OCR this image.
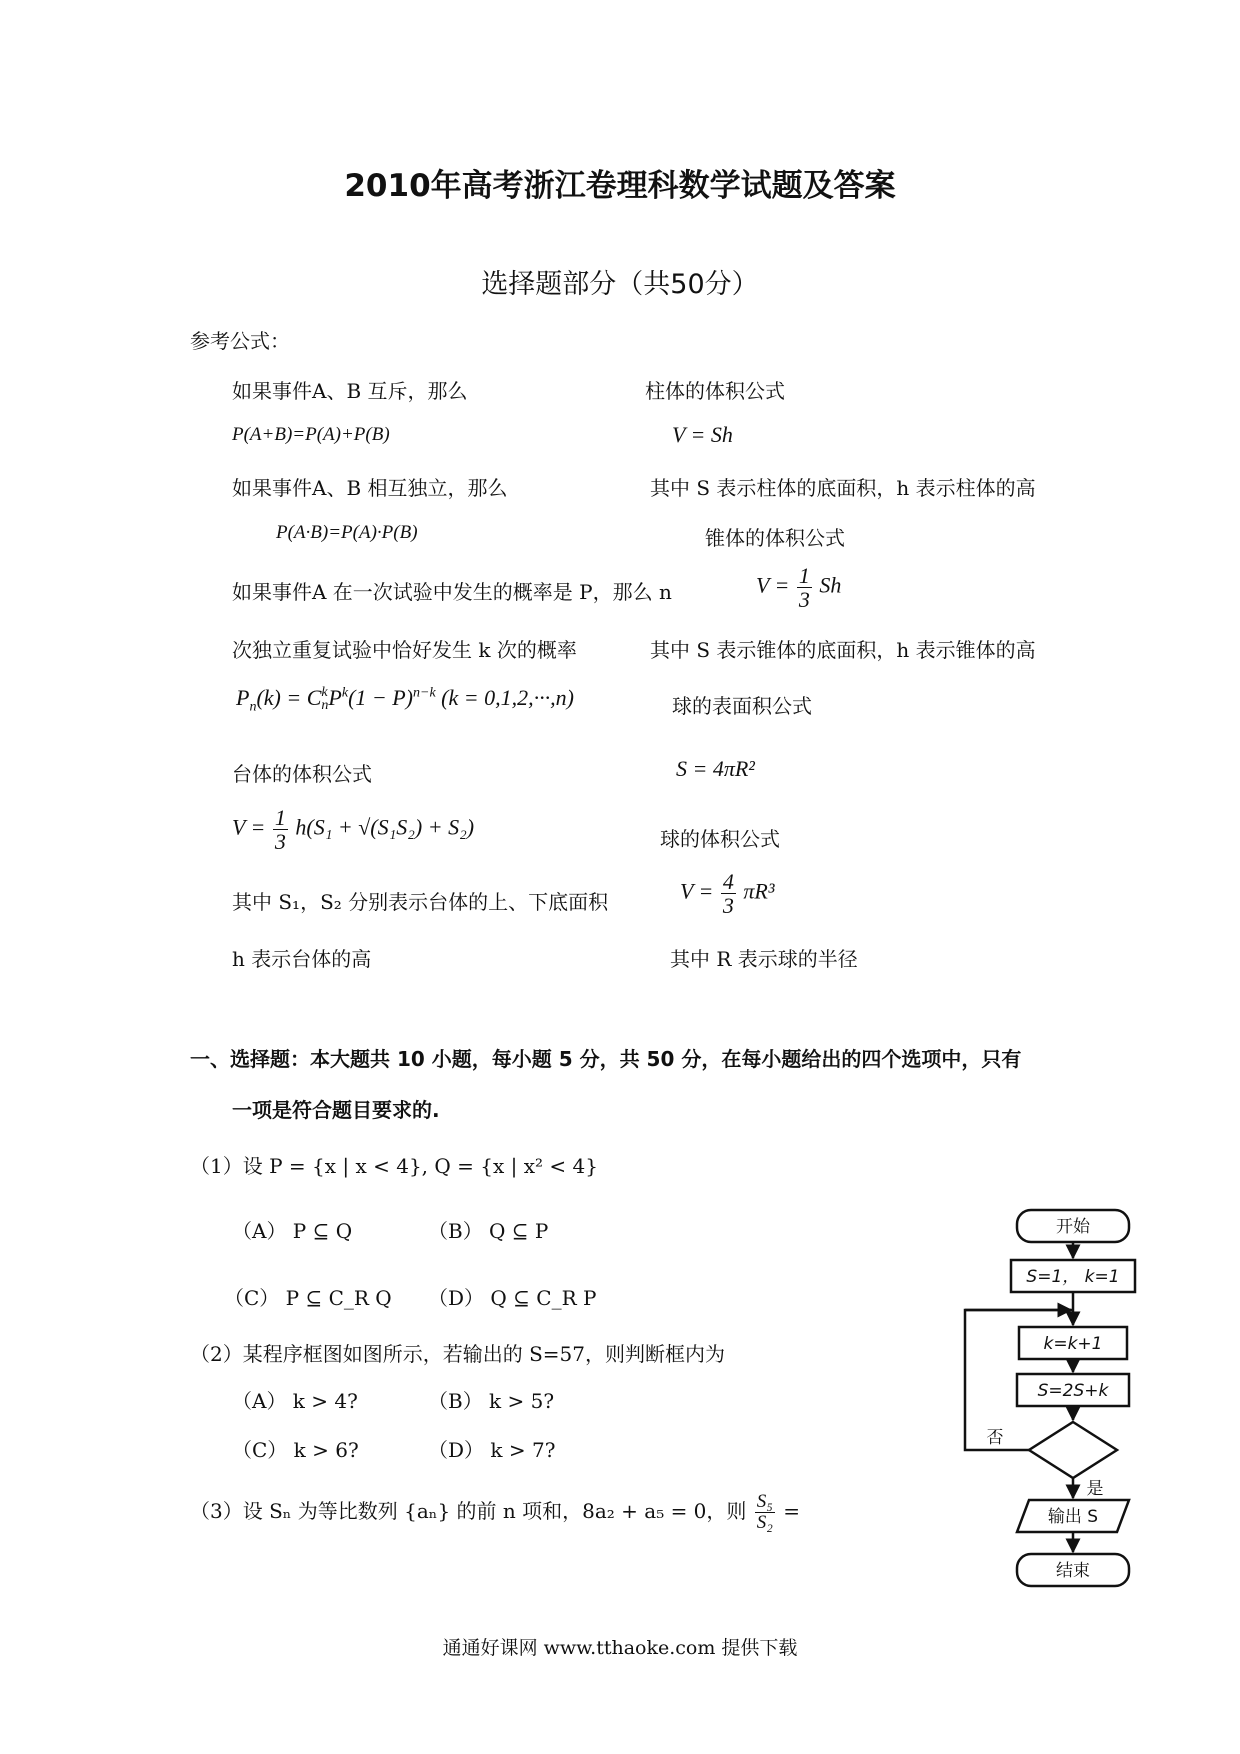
2010年高考浙江卷理科数学试题及答案
选择题部分（共50分）
参考公式：
如果事件A、B 互斥，那么
P(A+B)=P(A)+P(B)
如果事件A、B 相互独立，那么
P(A·B)=P(A)·P(B)
如果事件A 在一次试验中发生的概率是 P，那么 n
次独立重复试验中恰好发生 k 次的概率
$P_n(k) = C$ k
n $P^k(1 - P)^{n-k}$ (k = 0,1,2,···,n)
台体的体积公式
$V = \frac{1}{3} h(S_1 + √(S_1S_2) + S_2)$
其中 S₁，S₂ 分别表示台体的上、下底面积
h 表示台体的高
柱体的体积公式
V = Sh
其中 S 表示柱体的底面积，h 表示柱体的高
锥体的体积公式
$V = \frac{1}{3}$ Sh
其中 S 表示锥体的底面积，h 表示锥体的高
球的表面积公式
S = 4πR²
球的体积公式
$V = \frac{4}{3} \pi R^3$
其中 R 表示球的半径
一、选择题：本大题共 10 小题，每小题 5 分，共 50 分，在每小题给出的四个选项中，只有
一项是符合题目要求的.
（1）设 P = {x | x < 4}, Q = {x | x² < 4}
（A） P ⊆ Q	（B） Q ⊆ P
（C） P ⊆ C_R Q （D） Q ⊆ C_R P
（2）某程序框图如图所示，若输出的 S=57，则判断框内为
（A） k > 4?	（B） k > 5?
（C） k > 6?	（D） k > 7?
（3）设 Sₙ 为等比数列 {aₙ} 的前 n 项和，8a₂ + a₅ = 0，则 $\frac{\text{S₅}}{\text{S₂}}$ =
开始
S=1， k=1
k=k+1
S=2S+k
否
是
输出 S
结束
通通好课网 www.tthaoke.com 提供下载
